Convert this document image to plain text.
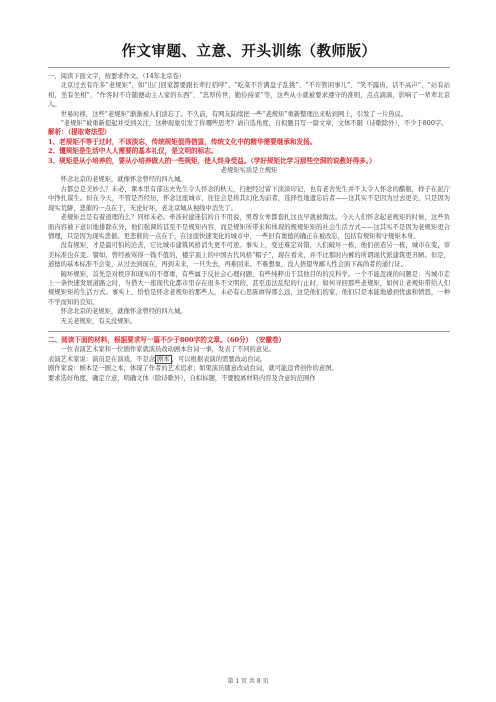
作文审题、立意、开头训练（教师版）

一、阅读下面文字，按要求作文。（14年北京卷）

北京过去有许多“老规矩”，如“出门回家都要跟长辈打招呼”、“吃菜不许满盘子乱挑”、“不许管闲事儿”、“笑不露齿，话不高声”、“站有站相，坐有坐相”、“作客时不许随便动主人家的东西”、“忠厚传世，勤俭持家”等，这些从小就被要求遵守的准则，点点滴滴，影响了一辈辈北京人。

世易时移，这些“老规矩”渐渐被人们淡忘了。不久前，有网友陆续把一些“老规矩”重新整理出来贴到网上，引发了一片热议。

“老规矩”被重新提起并受到关注，这种现象引发了你哪些思考？请自选角度，自拟题目写一篇文章，文体不限（诗歌除外），不少于800字。

解析：（提取寄法型）

1、老规矩不等于过时，不该淡忘，传统规矩值得借鉴，传统文化中的精华需要继承和发扬。

2、懂规矩是生活中人人需要的基本礼仪，是文明的标志。

3、规矩是从小培养的，要从小培养做人的一些规矩，使人终身受益。（学好规矩比学习那些空洞的说教好得多。）

老规矩实质是立规矩

怀念北京的老规矩，就像怀念曾经的四九城。

古都总是美妙么？未必，课本里有郁达夫先生令人怀念的秋天，扫把经过留下淡淡印记，也有老舍先生并不太令人怀念的醋瓶，样子在泥泞中挣扎谋生。但在今天，不管是否经历，怀念这座城市，往往会是将其幻化为前者，选择性地遗忘后者——这其实不是因为过去更美，只是因为现实荒僻，悲催的一点在于，无论好坏，老北京城从视线中消失了。

老规矩总是有着道理的么？同样未必。牵涉封建迷信的自不用说，男尊女卑都套扎这也早就被淘汰。今天人们怀念起老规矩的时候，这些负面内容被下意识地排除在外，他们强调的甚至不是规矩内容，而是规矩所带来和体现的规规矩矩的社会生活方式——这其实不是因为老规矩更合情理，只是因为现实悲催。更悲催的一点在于，在这座快速变化的城市中，一些旧有奥德的确正在被改忘，包括有规矩和守规矩本身。

没有规矩，才是最可怕的沦丧，它比城市建筑风格消失更不可逆。事实上，变迁难定对错，人们破坏一栋，他们创造另一栋，城市在变，审美标准也在变。譬如，曾经被骂得一钱不值的，楼宇顶上的中国古代风格“帽子”，现在看来，并不比那时内裤的所谓现代派建筑更丑陋。但是，道德的基本标准不会变，从过去到现在，再到未来，一旦失去，再难回来。不难想象，没人捂望卑鄙人性会面下高尚者的通行证。

破坏规矩，首先是对秩序和现实的不尊重，有些属于反社会心理问题，有些纯粹出于其他目的的反科学。一个不能忽视的问题是：当城市走上一条快速发展道路之时，当借大一座现代化都市里存在很多不文明的、甚至违法乱纪的行止时，如何寻回那些老规矩，如何让老规矩带给人们规规矩矩的生活方式。事实上，恰恰是怀念老规矩的那些人，未必有心思陈赓得那么远，这是他们的家，他们只是本能地感到忧虑和愤怒，一种不学而知的良知。

怀念北京的老规矩，就像怀念曾经的四九城。

无关老规矩，有关没规矩。

二、阅读下面的材料，根据要求写一篇不少于800字的文章。（60分）　（安徽卷）

一位表演艺术家和一位剧作家就演员改动剧本台词一事，发表了不同的意见。

表演艺术家说：演员是在演戏，不是念 剧本 ，可以根据表演的需要改动台词。

剧作家说：剧本是一剧之本，体现了作者的艺术追求；如果演员随意改动台词，就可能违背创作的意图。

要求选好角度，确定立意，明确文体（除诗歌外），自拟标题，不要脱离材料内容及含意的范围作

第 1 页 共 8 页
